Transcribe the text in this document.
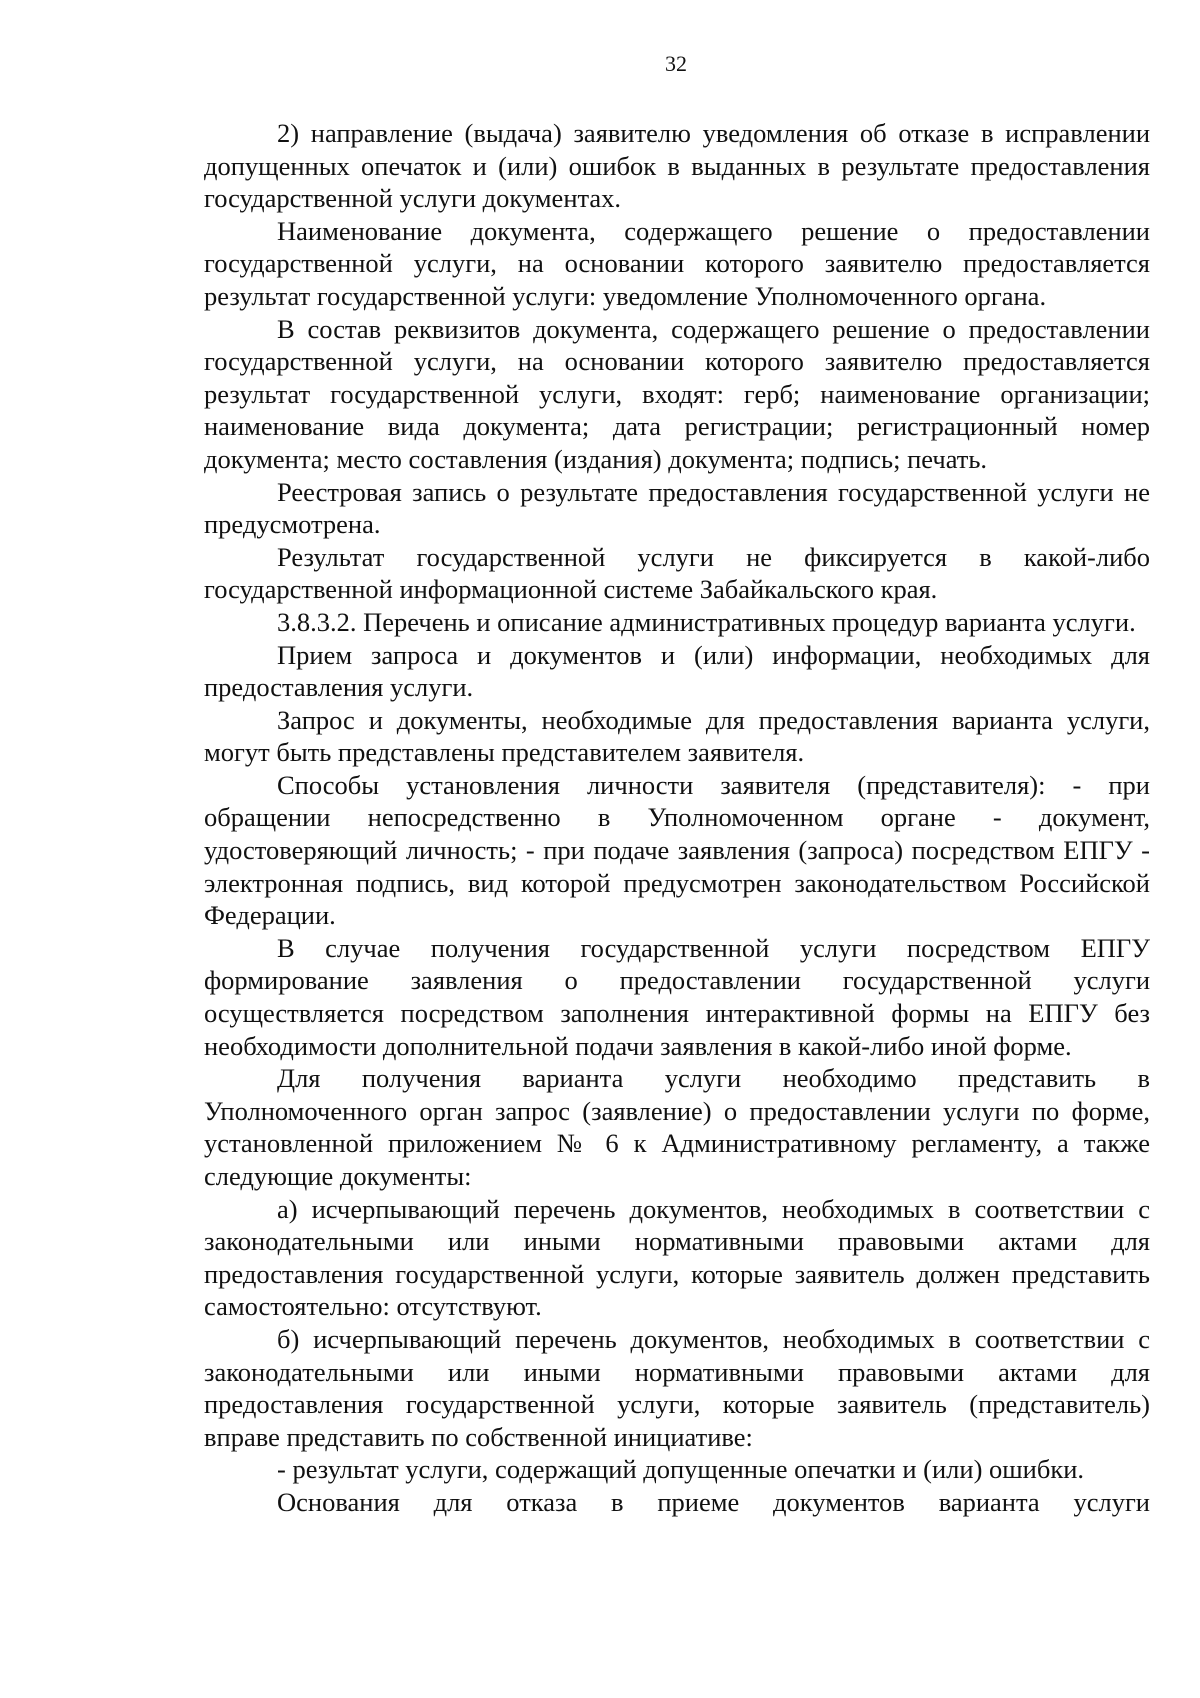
32

2) направление (выдача) заявителю уведомления об отказе в исправлении допущенных опечаток и (или) ошибок в выданных в результате предоставления государственной услуги документах.

Наименование документа, содержащего решение о предоставлении государственной услуги, на основании которого заявителю предоставляется результат государственной услуги: уведомление Уполномоченного органа.

В состав реквизитов документа, содержащего решение о предоставлении государственной услуги, на основании которого заявителю предоставляется результат государственной услуги, входят: герб; наименование организации; наименование вида документа; дата регистрации; регистрационный номер документа; место составления (издания) документа; подпись; печать.

Реестровая запись о результате предоставления государственной услуги не предусмотрена.

Результат государственной услуги не фиксируется в какой-либо государственной информационной системе Забайкальского края.

3.8.3.2. Перечень и описание административных процедур варианта услуги.

Прием запроса и документов и (или) информации, необходимых для предоставления услуги.

Запрос и документы, необходимые для предоставления варианта услуги, могут быть представлены представителем заявителя.

Способы установления личности заявителя (представителя): - при обращении непосредственно в Уполномоченном органе - документ, удостоверяющий личность; - при подаче заявления (запроса) посредством ЕПГУ - электронная подпись, вид которой предусмотрен законодательством Российской Федерации.

В случае получения государственной услуги посредством ЕПГУ формирование заявления о предоставлении государственной услуги осуществляется посредством заполнения интерактивной формы на ЕПГУ без необходимости дополнительной подачи заявления в какой-либо иной форме.

Для получения варианта услуги необходимо представить в Уполномоченного орган запрос (заявление) о предоставлении услуги по форме, установленной приложением № 6 к Административному регламенту, а также следующие документы:

а) исчерпывающий перечень документов, необходимых в соответствии с законодательными или иными нормативными правовыми актами для предоставления государственной услуги, которые заявитель должен представить самостоятельно: отсутствуют.

б) исчерпывающий перечень документов, необходимых в соответствии с законодательными или иными нормативными правовыми актами для предоставления государственной услуги, которые заявитель (представитель) вправе представить по собственной инициативе:

- результат услуги, содержащий допущенные опечатки и (или) ошибки.

Основания для отказа в приеме документов варианта услуги
